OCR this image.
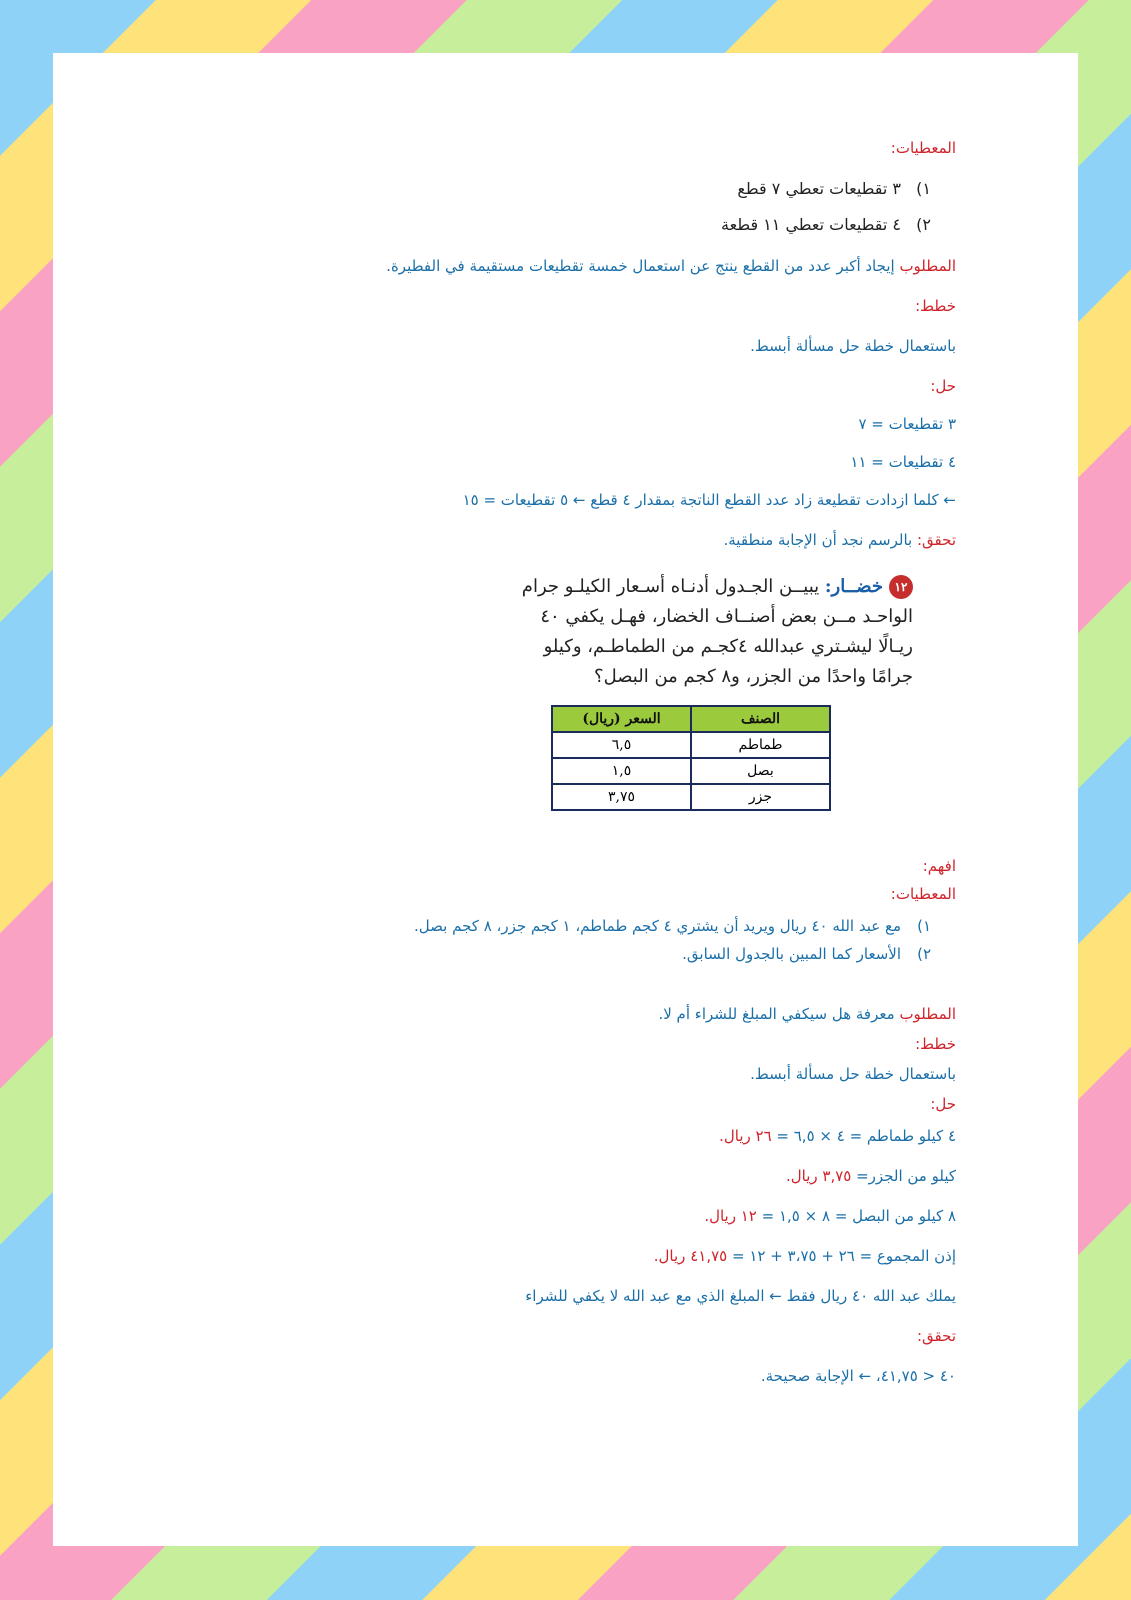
المعطيات:
١)٣ تقطيعات تعطي ٧ قطع
٢)٤ تقطيعات تعطي ١١ قطعة
المطلوب إيجاد أكبر عدد من القطع ينتج عن استعمال خمسة تقطيعات مستقيمة في الفطيرة.
خطط:
باستعمال خطة حل مسألة أبسط.
حل:
٣ تقطيعات = ٧
٤ تقطيعات = ١١
← كلما ازدادت تقطيعة زاد عدد القطع الناتجة بمقدار ٤ قطع ← ٥ تقطيعات = ١٥
تحقق: بالرسم نجد أن الإجابة منطقية.
١٢خضــار: يبيــن الجـدول أدنـاه أسـعار الكيلـو جرام
الواحـد مــن بعض أصنــاف الخضار، فهـل يكفي ٤٠
ريـالًا ليشـتري عبدالله ٤كجـم من الطماطـم، وكيلو
جرامًا واحدًا من الجزر، و٨ كجم من البصل؟
الصنف	السعر (ريال)
طماطم	٦,٥
بصل	١,٥
جزر	٣,٧٥
افهم:
المعطيات:
١)مع عبد الله ٤٠ ريال ويريد أن يشتري ٤ كجم طماطم، ١ كجم جزر، ٨ كجم بصل.
٢)الأسعار كما المبين بالجدول السابق.
المطلوب معرفة هل سيكفي المبلغ للشراء أم لا.
خطط:
باستعمال خطة حل مسألة أبسط.
حل:
٤ كيلو طماطم = ٤ × ٦,٥ = ٢٦ ريال.
كيلو من الجزر= ٣,٧٥ ريال.
٨ كيلو من البصل = ٨ × ١,٥ = ١٢ ريال.
إذن المجموع = ٢٦ + ٣،٧٥ + ١٢ = ٤١,٧٥ ريال.
يملك عبد الله ٤٠ ريال فقط ← المبلغ الذي مع عبد الله لا يكفي للشراء
تحقق:
٤٠ < ٤١,٧٥، ← الإجابة صحيحة.
